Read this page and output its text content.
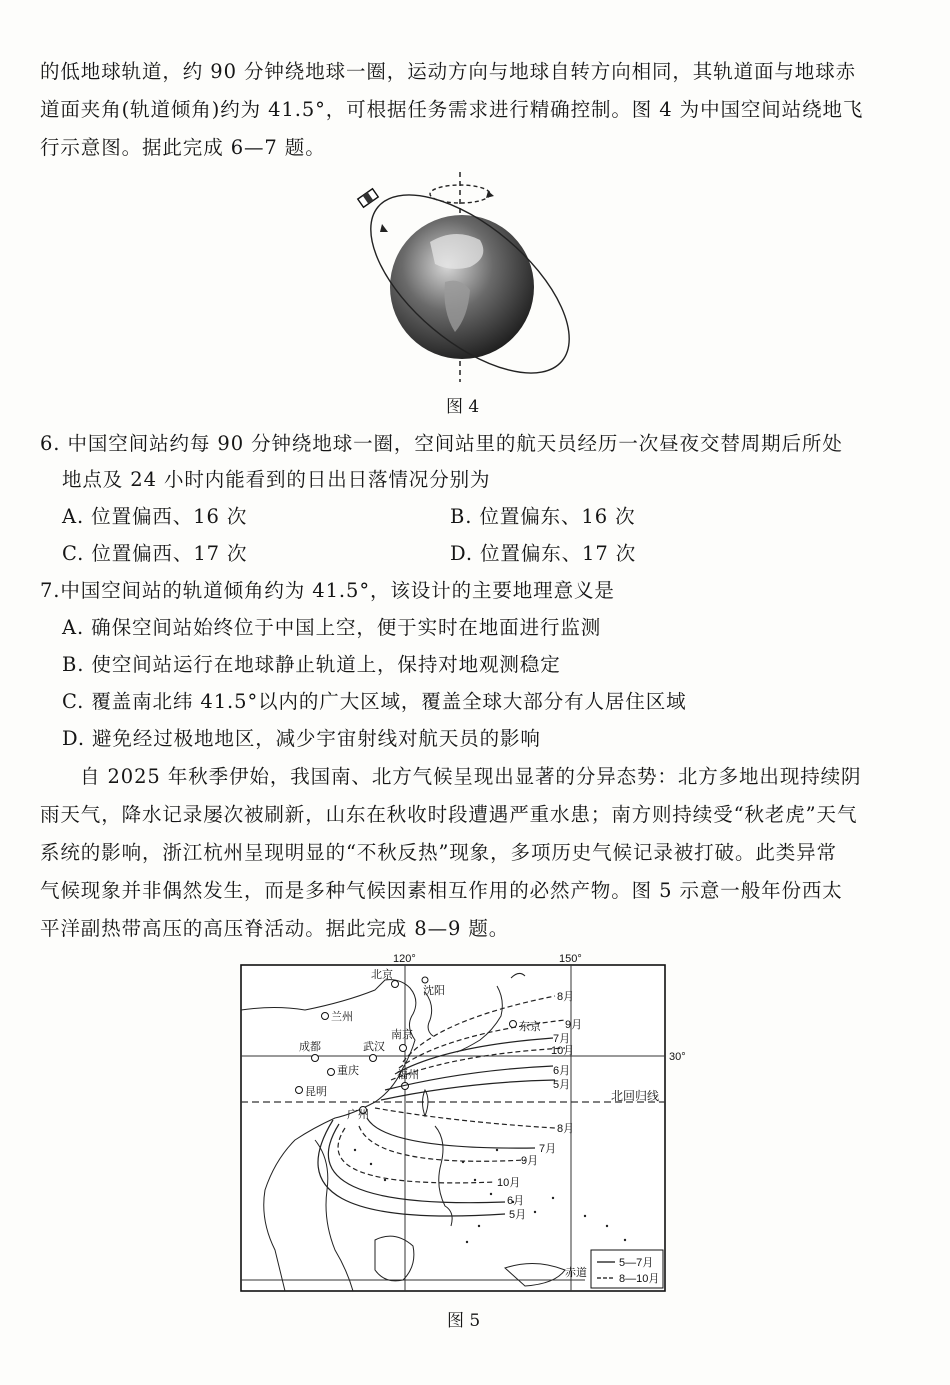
的低地球轨道，约 90 分钟绕地球一圈，运动方向与地球自转方向相同，其轨道面与地球赤
道面夹角(轨道倾角)约为 41.5°，可根据任务需求进行精确控制。图 4 为中国空间站绕地飞
行示意图。据此完成 6—7 题。
图 4
6. 中国空间站约每 90 分钟绕地球一圈，空间站里的航天员经历一次昼夜交替周期后所处
地点及 24 小时内能看到的日出日落情况分别为
A. 位置偏西、16 次	B. 位置偏东、16 次
C. 位置偏西、17 次	D. 位置偏东、17 次
7.中国空间站的轨道倾角约为 41.5°，该设计的主要地理意义是
A. 确保空间站始终位于中国上空，便于实时在地面进行监测
B. 使空间站运行在地球静止轨道上，保持对地观测稳定
C. 覆盖南北纬 41.5°以内的广大区域，覆盖全球大部分有人居住区域
D. 避免经过极地地区，减少宇宙射线对航天员的影响
自 2025 年秋季伊始，我国南、北方气候呈现出显著的分异态势：北方多地出现持续阴
雨天气，降水记录屡次被刷新，山东在秋收时段遭遇严重水患；南方则持续受“秋老虎”天气
系统的影响，浙江杭州呈现明显的“不秋反热”现象，多项历史气候记录被打破。此类异常
气候现象并非偶然发生，而是多种气候因素相互作用的必然产物。图 5 示意一般年份西太
平洋副热带高压的高压脊活动。据此完成 8—9 题。
120°	150°
30°
北回归线
赤道
北京
沈阳
兰州
东京
成都	武汉
南京
重庆
昆明
福州
广州
8月
9月
7月
10月
6月
5月
8月
7月
9月
10月
6月
5月
5—7月
8—10月
图 5
